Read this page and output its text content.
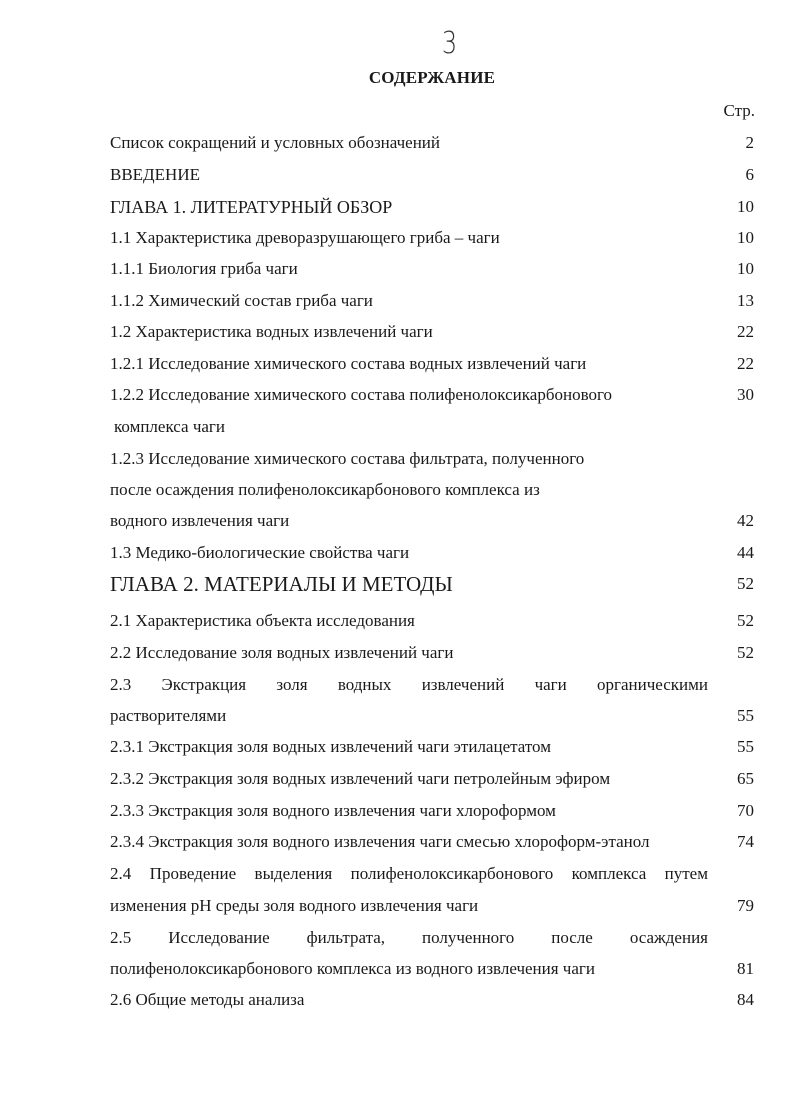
3
СОДЕРЖАНИЕ
Стр.
Список сокращений и условных обозначений	2
ВВЕДЕНИЕ	6
ГЛАВА 1. ЛИТЕРАТУРНЫЙ ОБЗОР	10
1.1 Характеристика древоразрушающего гриба – чаги	10
1.1.1 Биология гриба чаги	10
1.1.2 Химический состав гриба чаги	13
1.2 Характеристика водных извлечений чаги	22
1.2.1 Исследование химического состава водных извлечений чаги	22
1.2.2 Исследование химического состава полифенолоксикарбонового	30
комплекса чаги
1.2.3 Исследование химического состава фильтрата, полученного
после осаждения полифенолоксикарбонового комплекса из
водного извлечения чаги	42
1.3 Медико-биологические свойства чаги	44
ГЛАВА 2. МАТЕРИАЛЫ И МЕТОДЫ	52
2.1 Характеристика объекта исследования	52
2.2 Исследование золя водных извлечений чаги	52
2.3 Экстракция золя водных извлечений чаги органическими
растворителями	55
2.3.1 Экстракция золя водных извлечений чаги этилацетатом	55
2.3.2 Экстракция золя водных извлечений чаги петролейным эфиром	65
2.3.3 Экстракция золя водного извлечения чаги хлороформом	70
2.3.4 Экстракция золя водного извлечения чаги смесью хлороформ-этанол	74
2.4 Проведение выделения полифенолоксикарбонового комплекса путем
изменения рН среды золя водного извлечения чаги	79
2.5 Исследование фильтрата, полученного после осаждения
полифенолоксикарбонового комплекса из водного извлечения чаги	81
2.6 Общие методы анализа	84
